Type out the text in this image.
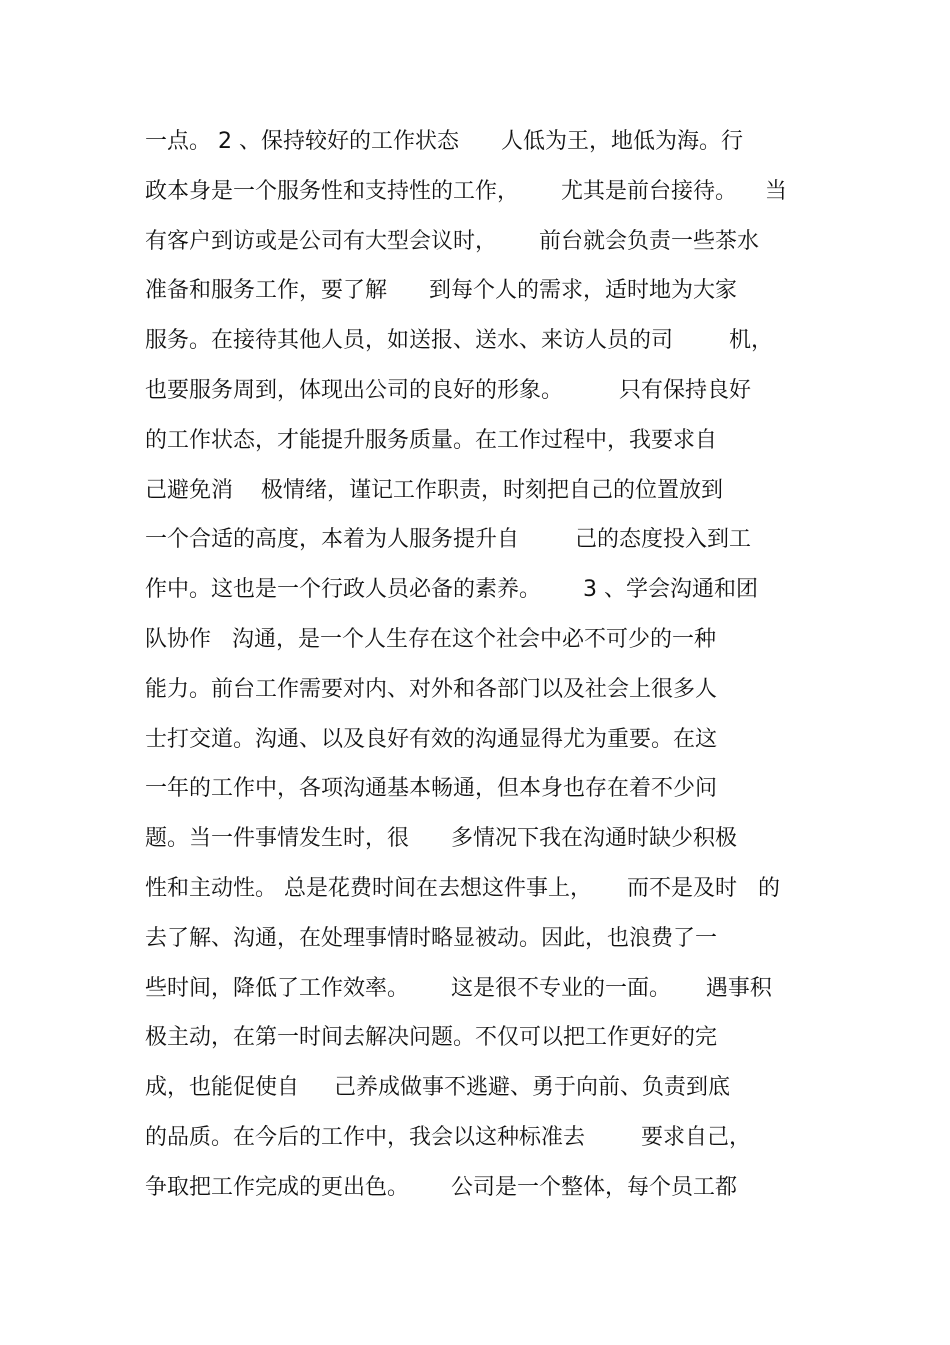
一点。 2 、保持较好的工作状态      人低为王，地低为海。行
政本身是一个服务性和支持性的工作，      尤其是前台接待。    当
有客户到访或是公司有大型会议时，      前台就会负责一些茶水
准备和服务工作，要了解      到每个人的需求，适时地为大家
服务。在接待其他人员，如送报、送水、来访人员的司        机，
也要服务周到，体现出公司的良好的形象。        只有保持良好
的工作状态，才能提升服务质量。在工作过程中，我要求自
己避免消    极情绪，谨记工作职责，时刻把自己的位置放到
一个合适的高度，本着为人服务提升自        己的态度投入到工
作中。这也是一个行政人员必备的素养。      3 、学会沟通和团
队协作   沟通，是一个人生存在这个社会中必不可少的一种
能力。前台工作需要对内、对外和各部门以及社会上很多人
士打交道。沟通、以及良好有效的沟通显得尤为重要。在这
一年的工作中，各项沟通基本畅通，但本身也存在着不少问
题。当一件事情发生时，很      多情况下我在沟通时缺少积极
性和主动性。 总是花费时间在去想这件事上，     而不是及时   的
去了解、沟通，在处理事情时略显被动。因此，也浪费了一
些时间，降低了工作效率。      这是很不专业的一面。     遇事积
极主动，在第一时间去解决问题。不仅可以把工作更好的完
成，也能促使自     己养成做事不逃避、勇于向前、负责到底
的品质。在今后的工作中，我会以这种标准去        要求自己，
争取把工作完成的更出色。      公司是一个整体，每个员工都
